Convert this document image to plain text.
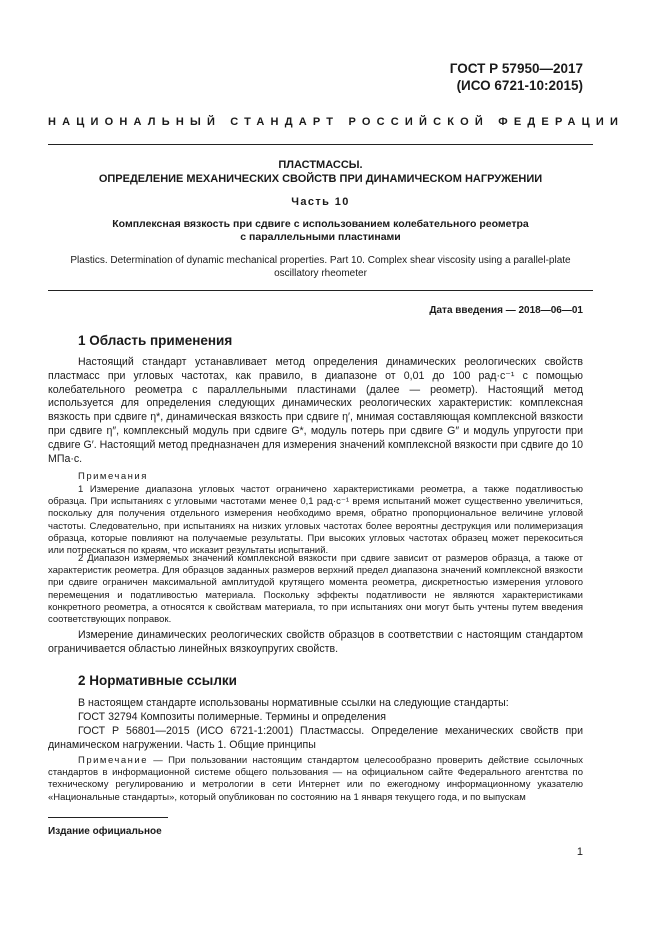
ГОСТ Р 57950—2017
(ИСО 6721-10:2015)
НАЦИОНАЛЬНЫЙ СТАНДАРТ РОССИЙСКОЙ ФЕДЕРАЦИИ
ПЛАСТМАССЫ.
ОПРЕДЕЛЕНИЕ МЕХАНИЧЕСКИХ СВОЙСТВ ПРИ ДИНАМИЧЕСКОМ НАГРУЖЕНИИ
Часть 10
Комплексная вязкость при сдвиге с использованием колебательного реометра
с параллельными пластинами
Plastics. Determination of dynamic mechanical properties. Part 10. Complex shear viscosity using a parallel-plate
oscillatory rheometer
Дата введения — 2018—06—01
1 Область применения
Настоящий стандарт устанавливает метод определения динамических реологических свойств пластмасс при угловых частотах, как правило, в диапазоне от 0,01 до 100 рад·с⁻¹ с помощью колебательного реометра с параллельными пластинами (далее — реометр). Настоящий метод используется для определения следующих динамических реологических характеристик: комплексная вязкость при сдвиге η*, динамическая вязкость при сдвиге η′, мнимая составляющая комплексной вязкости при сдвиге η″, комплексный модуль при сдвиге G*, модуль потерь при сдвиге G″ и модуль упругости при сдвиге G′. Настоящий метод предназначен для измерения значений комплексной вязкости при сдвиге до 10 МПа·с.
Примечания
1 Измерение диапазона угловых частот ограничено характеристиками реометра, а также податливостью образца. При испытаниях с угловыми частотами менее 0,1 рад·с⁻¹ время испытаний может существенно увеличиться, поскольку для получения отдельного измерения необходимо время, обратно пропорциональное величине угловой частоты. Следовательно, при испытаниях на низких угловых частотах более вероятны деструкция или полимеризация образца, которые повлияют на получаемые результаты. При высоких угловых частотах образец может перекоситься или потрескаться по краям, что исказит результаты испытаний.
2 Диапазон измеряемых значений комплексной вязкости при сдвиге зависит от размеров образца, а также от характеристик реометра. Для образцов заданных размеров верхний предел диапазона значений комплексной вязкости при сдвиге ограничен максимальной амплитудой крутящего момента реометра, дискретностью измерения углового перемещения и податливостью материала. Поскольку эффекты податливости не являются характеристиками конкретного реометра, а относятся к свойствам материала, то при испытаниях они могут быть учтены путем введения соответствующих поправок.
Измерение динамических реологических свойств образцов в соответствии с настоящим стандартом ограничивается областью линейных вязкоупругих свойств.
2 Нормативные ссылки
В настоящем стандарте использованы нормативные ссылки на следующие стандарты:
ГОСТ 32794 Композиты полимерные. Термины и определения
ГОСТ Р 56801—2015 (ИСО 6721-1:2001) Пластмассы. Определение механических свойств при динамическом нагружении. Часть 1. Общие принципы
Примечание — При пользовании настоящим стандартом целесообразно проверить действие ссылочных стандартов в информационной системе общего пользования — на официальном сайте Федерального агентства по техническому регулированию и метрологии в сети Интернет или по ежегодному информационному указателю «Национальные стандарты», который опубликован по состоянию на 1 января текущего года, и по выпускам
Издание официальное
1
